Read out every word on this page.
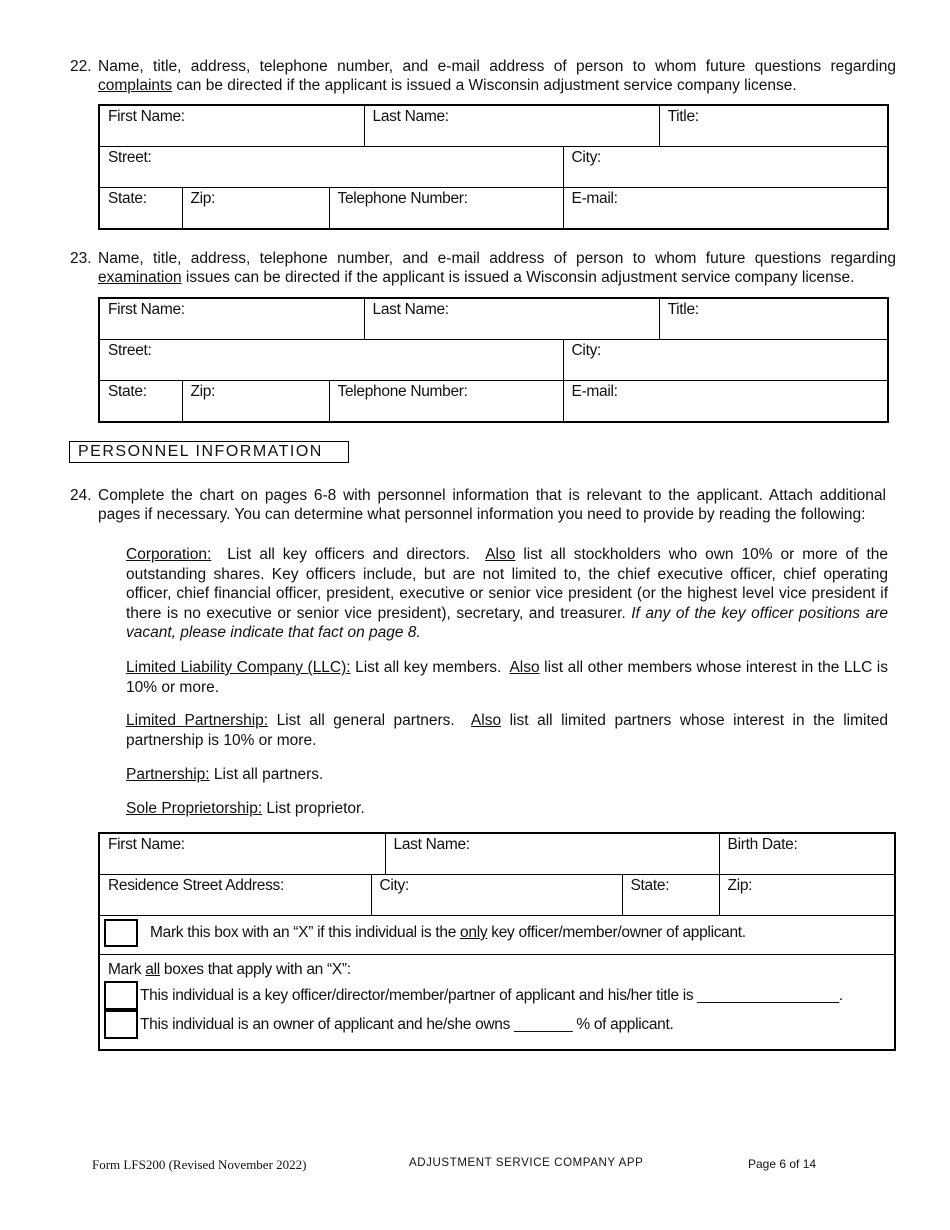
22. Name, title, address, telephone number, and e-mail address of person to whom future questions regarding complaints can be directed if the applicant is issued a Wisconsin adjustment service company license.
First Name:			Last Name:		Title:
Street:				City:	
State:	Zip:	Telephone Number:		E-mail:	
23. Name, title, address, telephone number, and e-mail address of person to whom future questions regarding examination issues can be directed if the applicant is issued a Wisconsin adjustment service company license.
First Name:			Last Name:		Title:
Street:				City:	
State:	Zip:	Telephone Number:		E-mail:	
PERSONNEL INFORMATION
24. Complete the chart on pages 6-8 with personnel information that is relevant to the applicant. Attach additional pages if necessary. You can determine what personnel information you need to provide by reading the following:
Corporation:  List all key officers and directors.  Also list all stockholders who own 10% or more of the outstanding shares. Key officers include, but are not limited to, the chief executive officer, chief operating officer, chief financial officer, president, executive or senior vice president (or the highest level vice president if there is no executive or senior vice president), secretary, and treasurer. If any of the key officer positions are vacant, please indicate that fact on page 8.
Limited Liability Company (LLC): List all key members.  Also list all other members whose interest in the LLC is 10% or more.
Limited Partnership: List all general partners.  Also list all limited partners whose interest in the limited partnership is 10% or more.
Partnership: List all partners.
Sole Proprietorship: List proprietor.
First Name:		Last Name:		Birth Date:
Residence Street Address:	City:		State:	Zip:
Mark this box with an “X” if this individual is the only key officer/member/owner of applicant.				

Mark all boxes that apply with an “X”:
This individual is a key officer/director/member/partner of applicant and his/her title is _________________.
This individual is an owner of applicant and he/she owns _______ % of applicant.				
Form LFS200 (Revised November 2022)	ADJUSTMENT SERVICE COMPANY APP	Page 6 of 14
